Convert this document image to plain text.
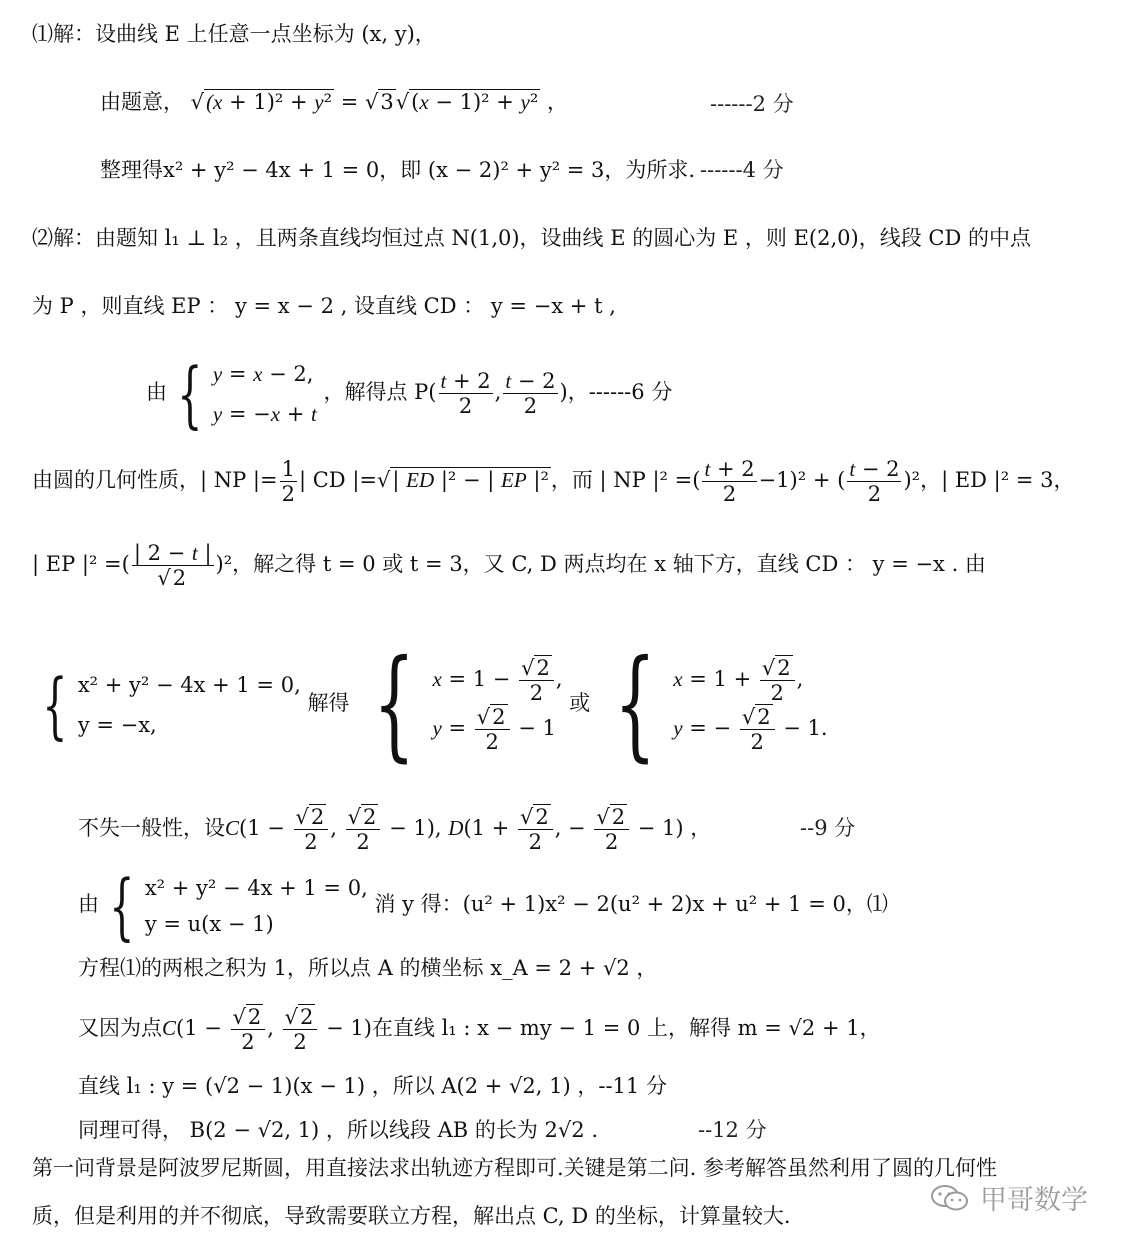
⑴解：设曲线 E 上任意一点坐标为 (x, y)，
由题意， √(x + 1)² + y² = √3√(x − 1)² + y² ，	------2 分
整理得x² + y² − 4x + 1 = 0，即 (x − 2)² + y² = 3，为所求. ------4 分
⑵解：由题知 l₁ ⊥ l₂ ，且两条直线均恒过点 N(1,0)，设曲线 E 的圆心为 E ，则 E(2,0)，线段 CD 的中点
为 P ，则直线 EP ： y = x − 2 , 设直线 CD ： y = −x + t ,
由 { y = x − 2,
y = −x + t
，解得点 $P( \frac{t + 2}{2}$ , $\frac{t - 2}{2}$ )，------6 分
由圆的几何性质，| NP |= $\frac{1}{2}$ | CD |=√| ED |² − | EP |²，而 | NP |² =( $\frac{t + 2}{2} -1)^2$ + ( $\frac{t - 2}{2} )^2$，| ED |² = 3，
| EP |² =( $\frac{| 2 - t |}{√2} )^2$，解之得 t = 0 或 t = 3，又 C, D 两点均在 x 轴下方，直线 CD ： y = −x . 由
{ x² + y² − 4x + 1 = 0,
y = −x,
解得 { $x = 1 - \frac{√2}{2}$ ,
$y = \frac{√2}{2} - 1$
或 { $x = 1 + \frac{√2}{2}$ ,
y = − $\frac{√2}{2} - 1$.
不失一般性，设$C(1 - \frac{√2}{2}$ , $\frac{√2}{2} - 1$), $D(1 + \frac{√2}{2}$ , − $\frac{√2}{2} - 1$) ，	--9 分
由 { x² + y² − 4x + 1 = 0,
y = u(x − 1)
消 y 得：(u² + 1)x² − 2(u² + 2)x + u² + 1 = 0，⑴
方程⑴的两根之积为 1，所以点 A 的横坐标 x_A = 2 + √2 ，
又因为点$C(1 - \frac{√2}{2}$ , $\frac{√2}{2} - 1$)在直线 l₁ : x − my − 1 = 0 上，解得 m = √2 + 1，
直线 l₁ : y = (√2 − 1)(x − 1) ，所以 A(2 + √2, 1) ，--11 分
同理可得， B(2 − √2, 1) ，所以线段 AB 的长为 2√2 .	--12 分
第一问背景是阿波罗尼斯圆，用直接法求出轨迹方程即可.关键是第二问. 参考解答虽然利用了圆的几何性
质，但是利用的并不彻底，导致需要联立方程，解出点 C, D 的坐标，计算量较大.	甲哥数学
